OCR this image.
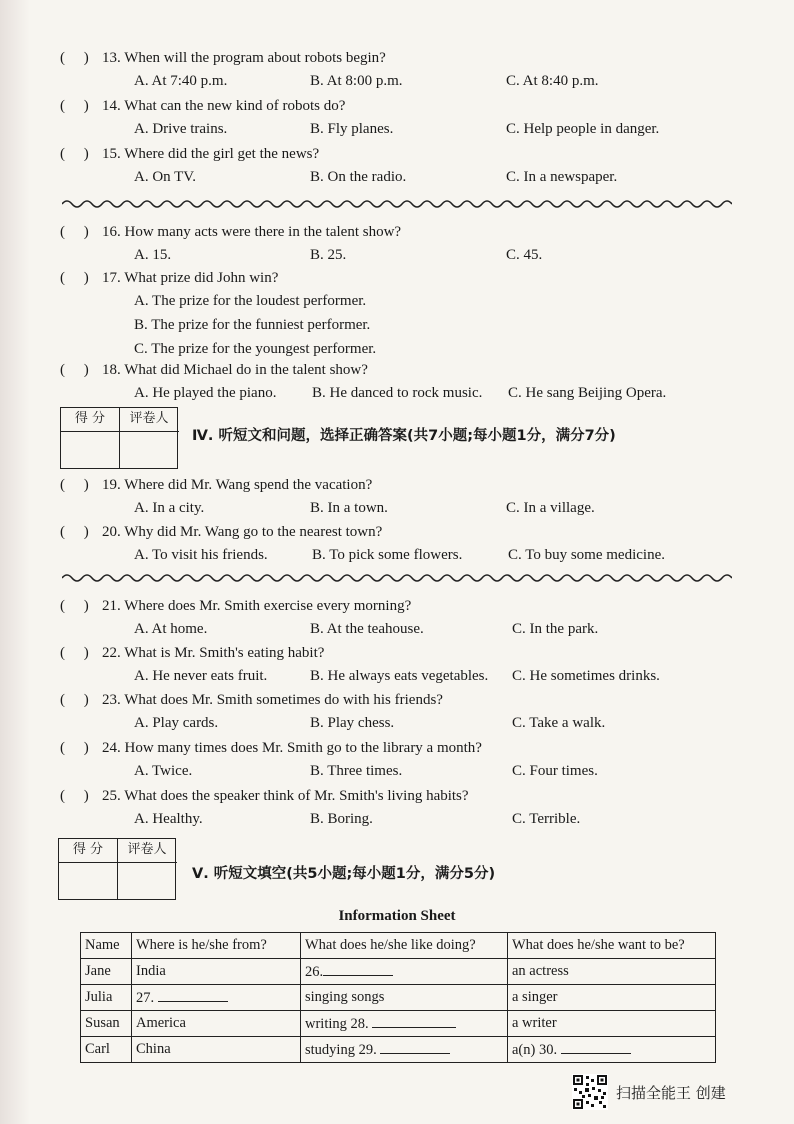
(     ) 13. When will the program about robots begin?
A. At 7:40 p.m.	B. At 8:00 p.m.	C. At 8:40 p.m.
(     ) 14. What can the new kind of robots do?
A. Drive trains.	B. Fly planes.	C. Help people in danger.
(     ) 15. Where did the girl get the news?
A. On TV.	B. On the radio.	C. In a newspaper.
(     ) 16. How many acts were there in the talent show?
A. 15.	B. 25.	C. 45.
(     ) 17. What prize did John win?
A. The prize for the loudest performer.
B. The prize for the funniest performer.
C. The prize for the youngest performer.
(     ) 18. What did Michael do in the talent show?
A. He played the piano. B. He danced to rock music. C. He sang Beijing Opera.
得 分	评卷人
Ⅳ. 听短文和问题，选择正确答案(共7小题;每小题1分，满分7分)
(     ) 19. Where did Mr. Wang spend the vacation?
A. In a city.	B. In a town.	C. In a village.
(     ) 20. Why did Mr. Wang go to the nearest town?
A. To visit his friends.	B. To pick some flowers.	C. To buy some medicine.
(     ) 21. Where does Mr. Smith exercise every morning?
A. At home.	B. At the teahouse.	C. In the park.
(     ) 22. What is Mr. Smith's eating habit?
A. He never eats fruit.	B. He always eats vegetables. C. He sometimes drinks.
(     ) 23. What does Mr. Smith sometimes do with his friends?
A. Play cards.	B. Play chess.	C. Take a walk.
(     ) 24. How many times does Mr. Smith go to the library a month?
A. Twice.	B. Three times.	C. Four times.
(     ) 25. What does the speaker think of Mr. Smith's living habits?
A. Healthy.	B. Boring.	C. Terrible.
得 分	评卷人
Ⅴ. 听短文填空(共5小题;每小题1分，满分5分)
Information Sheet
Name	Where is he/she from?	What does he/she like doing?	What does he/she want to be?
Jane	India	26.	an actress
Julia	27.	singing songs	a singer
Susan	America	writing 28.	a writer
Carl	China	studying 29.	a(n) 30.
扫描全能王 创建
